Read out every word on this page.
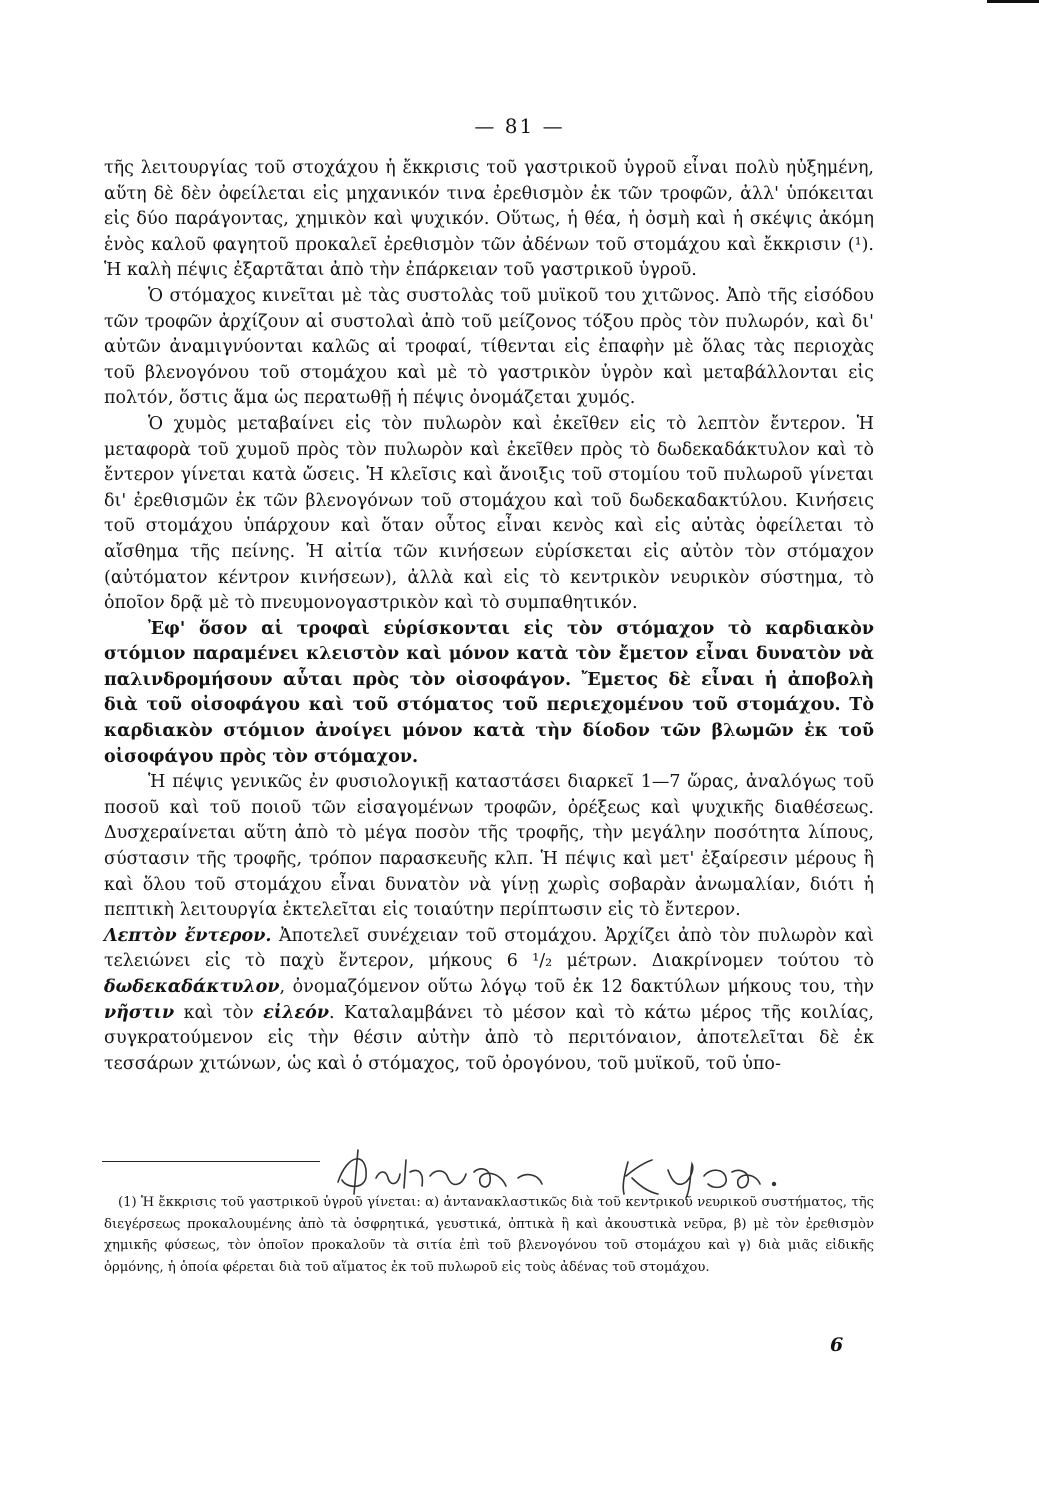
— 81 —

τῆς λειτουργίας τοῦ στοχάχου ἡ ἔκκρισις τοῦ γαστρικοῦ ὑγροῦ εἶναι πολὺ ηὐξημένη, αὕτη δὲ δὲν ὀφείλεται εἰς μηχανικόν τινα ἐρεθισμὸν ἐκ τῶν τροφῶν, ἀλλ' ὑπόκειται εἰς δύο παράγοντας, χημικὸν καὶ ψυχικόν. Οὕτως, ἡ θέα, ἡ ὀσμὴ καὶ ἡ σκέψις ἀκόμη ἑνὸς καλοῦ φαγητοῦ προκαλεῖ ἐρεθισμὸν τῶν ἀδένων τοῦ στομάχου καὶ ἔκκρισιν (¹). Ἡ καλὴ πέψις ἐξαρτᾶται ἀπὸ τὴν ἐπάρκειαν τοῦ γαστρικοῦ ὑγροῦ.

Ὁ στόμαχος κινεῖται μὲ τὰς συστολὰς τοῦ μυϊκοῦ του χιτῶνος. Ἀπὸ τῆς εἰσόδου τῶν τροφῶν ἀρχίζουν αἱ συστολαὶ ἀπὸ τοῦ μείζονος τόξου πρὸς τὸν πυλωρόν, καὶ δι' αὐτῶν ἀναμιγνύονται καλῶς αἱ τροφαί, τίθενται εἰς ἐπαφὴν μὲ ὅλας τὰς περιοχὰς τοῦ βλενογόνου τοῦ στομάχου καὶ μὲ τὸ γαστρικὸν ὑγρὸν καὶ μεταβάλλονται εἰς πολτόν, ὅστις ἅμα ὡς περατωθῇ ἡ πέψις ὀνομάζεται χυμός.

Ὁ χυμὸς μεταβαίνει εἰς τὸν πυλωρὸν καὶ ἐκεῖθεν εἰς τὸ λεπτὸν ἔντερον. Ἡ μεταφορὰ τοῦ χυμοῦ πρὸς τὸν πυλωρὸν καὶ ἐκεῖθεν πρὸς τὸ δωδεκαδάκτυλον καὶ τὸ ἔντερον γίνεται κατὰ ὤσεις. Ἡ κλεῖσις καὶ ἄνοιξις τοῦ στομίου τοῦ πυλωροῦ γίνεται δι' ἐρεθισμῶν ἐκ τῶν βλενογόνων τοῦ στομάχου καὶ τοῦ δωδεκαδακτύλου. Κινήσεις τοῦ στομάχου ὑπάρχουν καὶ ὅταν οὗτος εἶναι κενὸς καὶ εἰς αὐτὰς ὀφείλεται τὸ αἴσθημα τῆς πείνης. Ἡ αἰτία τῶν κινήσεων εὑρίσκεται εἰς αὐτὸν τὸν στόμαχον (αὐτόματον κέντρον κινήσεων), ἀλλὰ καὶ εἰς τὸ κεντρικὸν νευρικὸν σύστημα, τὸ ὁποῖον δρᾷ μὲ τὸ πνευμονογαστρικὸν καὶ τὸ συμπαθητικόν.

Ἐφ' ὅσον αἱ τροφαὶ εὑρίσκονται εἰς τὸν στόμαχον τὸ καρδιακὸν στόμιον παραμένει κλειστὸν καὶ μόνον κατὰ τὸν ἔμετον εἶναι δυνατὸν νὰ παλινδρομήσουν αὗται πρὸς τὸν οἰσοφάγον. Ἔμετος δὲ εἶναι ἡ ἀποβολὴ διὰ τοῦ οἰσοφάγου καὶ τοῦ στόματος τοῦ περιεχομένου τοῦ στομάχου. Τὸ καρδιακὸν στόμιον ἀνοίγει μόνον κατὰ τὴν δίοδον τῶν βλωμῶν ἐκ τοῦ οἰσοφάγου πρὸς τὸν στόμαχον.

Ἡ πέψις γενικῶς ἐν φυσιολογικῇ καταστάσει διαρκεῖ 1—7 ὥρας, ἀναλόγως τοῦ ποσοῦ καὶ τοῦ ποιοῦ τῶν εἰσαγομένων τροφῶν, ὀρέξεως καὶ ψυχικῆς διαθέσεως. Δυσχεραίνεται αὕτη ἀπὸ τὸ μέγα ποσὸν τῆς τροφῆς, τὴν μεγάλην ποσότητα λίπους, σύστασιν τῆς τροφῆς, τρόπον παρασκευῆς κλπ. Ἡ πέψις καὶ μετ' ἐξαίρεσιν μέρους ἢ καὶ ὅλου τοῦ στομάχου εἶναι δυνατὸν νὰ γίνῃ χωρὶς σοβαρὰν ἀνωμαλίαν, διότι ἡ πεπτικὴ λειτουργία ἐκτελεῖται εἰς τοιαύτην περίπτωσιν εἰς τὸ ἔντερον.

Λεπτὸν ἔντερον. Ἀποτελεῖ συνέχειαν τοῦ στομάχου. Ἀρχίζει ἀπὸ τὸν πυλωρὸν καὶ τελειώνει εἰς τὸ παχὺ ἔντερον, μήκους 6 ¹/₂ μέτρων. Διακρίνομεν τούτου τὸ δωδεκαδάκτυλον, ὀνομαζόμενον οὕτω λόγῳ τοῦ ἐκ 12 δακτύλων μήκους του, τὴν νῆστιν καὶ τὸν εἰλεόν. Καταλαμβάνει τὸ μέσον καὶ τὸ κάτω μέρος τῆς κοιλίας, συγκρατούμενον εἰς τὴν θέσιν αὐτὴν ἀπὸ τὸ περιτόναιον, ἀποτελεῖται δὲ ἐκ τεσσάρων χιτώνων, ὡς καὶ ὁ στόμαχος, τοῦ ὀρογόνου, τοῦ μυϊκοῦ, τοῦ ὑπο-

(1) Ἡ ἔκκρισις τοῦ γαστρικοῦ ὑγροῦ γίνεται: α) ἀντανακλαστικῶς διὰ τοῦ κεντρικοῦ νευρικοῦ συστήματος, τῆς διεγέρσεως προκαλουμένης ἀπὸ τὰ ὀσφρητικά, γευστικά, ὀπτικὰ ἢ καὶ ἀκουστικὰ νεῦρα, β) μὲ τὸν ἐρεθισμὸν χημικῆς φύσεως, τὸν ὁποῖον προκαλοῦν τὰ σιτία ἐπὶ τοῦ βλενογόνου τοῦ στομάχου καὶ γ) διὰ μιᾶς εἰδικῆς ὁρμόνης, ἡ ὁποία φέρεται διὰ τοῦ αἵματος ἐκ τοῦ πυλωροῦ εἰς τοὺς ἀδένας τοῦ στομάχου.

6
